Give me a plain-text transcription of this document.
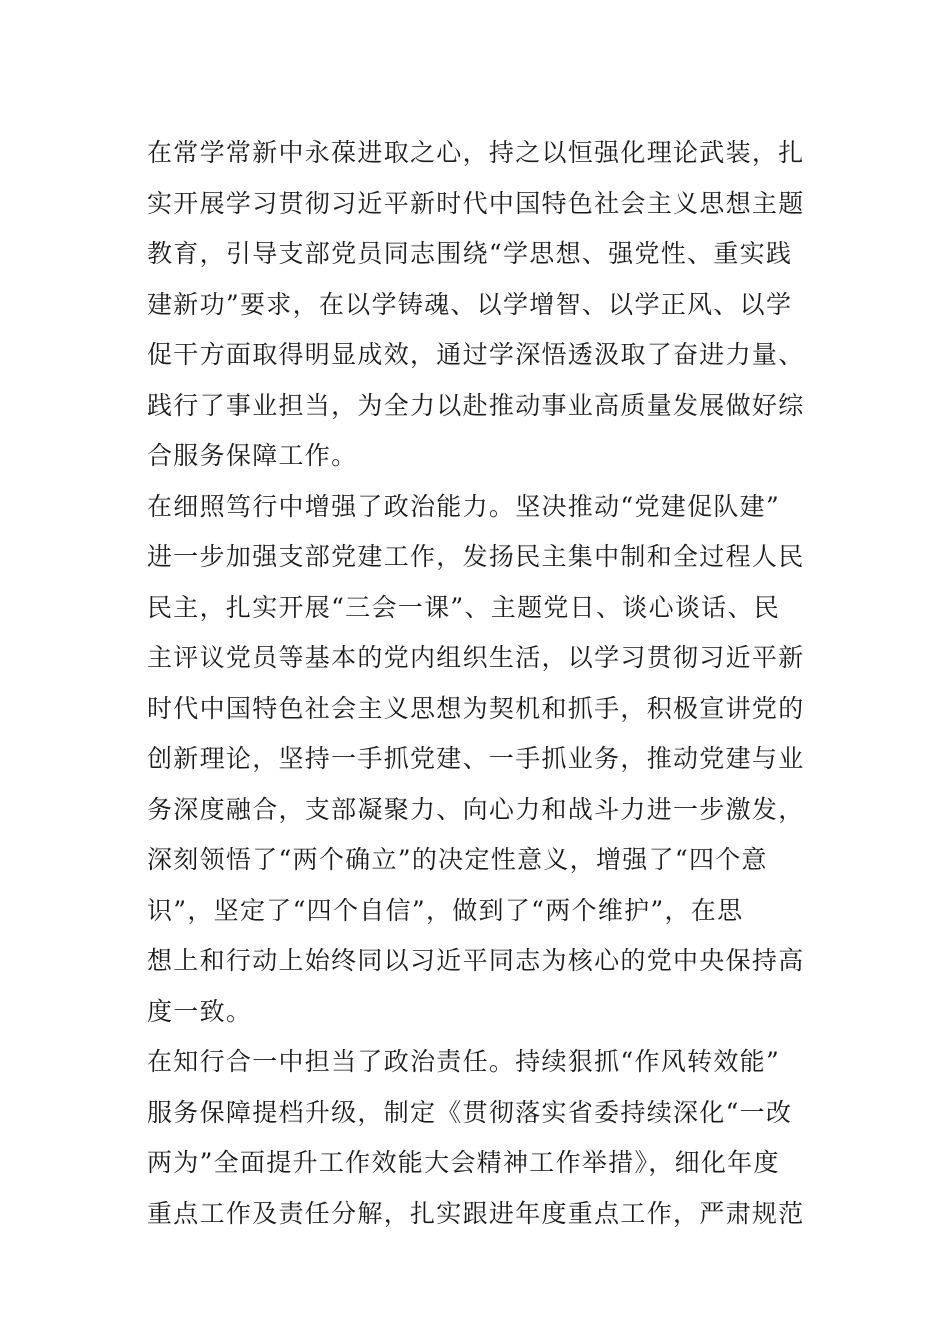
在常学常新中永葆进取之心，持之以恒强化理论武装，扎
实开展学习贯彻习近平新时代中国特色社会主义思想主题
教育，引导支部党员同志围绕“学思想、强党性、重实践
建新功”要求，在以学铸魂、以学增智、以学正风、以学
促干方面取得明显成效，通过学深悟透汲取了奋进力量、
践行了事业担当，为全力以赴推动事业高质量发展做好综
合服务保障工作。
在细照笃行中增强了政治能力。坚决推动“党建促队建”
进一步加强支部党建工作，发扬民主集中制和全过程人民
民主，扎实开展“三会一课”、主题党日、谈心谈话、民
主评议党员等基本的党内组织生活，以学习贯彻习近平新
时代中国特色社会主义思想为契机和抓手，积极宣讲党的
创新理论，坚持一手抓党建、一手抓业务，推动党建与业
务深度融合，支部凝聚力、向心力和战斗力进一步激发，
深刻领悟了“两个确立”的决定性意义，增强了“四个意
识”，坚定了“四个自信”，做到了“两个维护”，在思
想上和行动上始终同以习近平同志为核心的党中央保持高
度一致。
在知行合一中担当了政治责任。持续狠抓“作风转效能”
服务保障提档升级，制定《贯彻落实省委持续深化“一改
两为”全面提升工作效能大会精神工作举措》，细化年度
重点工作及责任分解，扎实跟进年度重点工作，严肃规范
